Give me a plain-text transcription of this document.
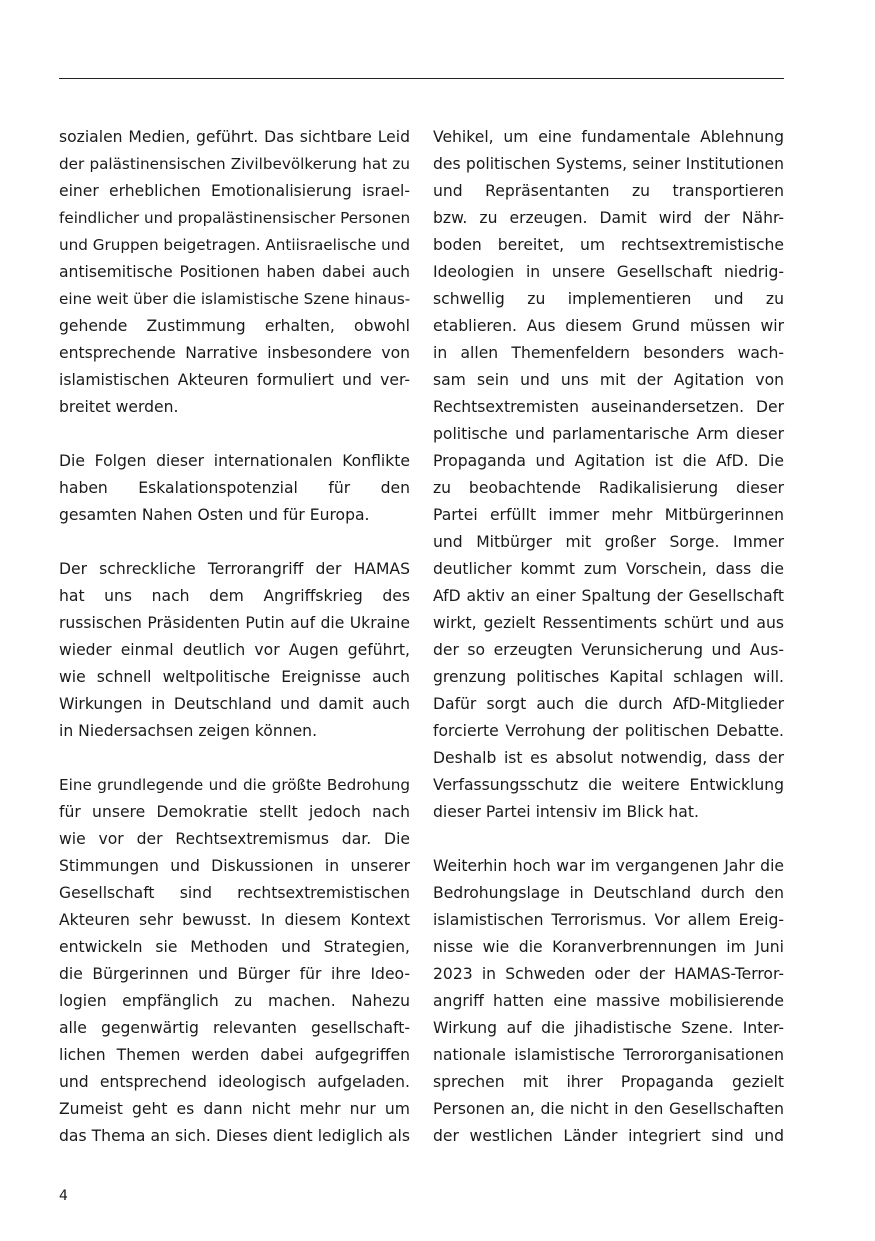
sozialen Medien, geführt. Das sichtbare Leid
der palästinensischen Zivilbevölkerung hat zu
einer erheblichen Emotionalisierung israel-
feindlicher und propalästinensischer Personen
und Gruppen beigetragen. Antiisraelische und
antisemitische Positionen haben dabei auch
eine weit über die islamistische Szene hinaus-
gehende Zustimmung erhalten, obwohl
entsprechende Narrative insbesondere von
islamistischen Akteuren formuliert und ver-
breitet werden.
Die Folgen dieser internationalen Konflikte
haben Eskalationspotenzial für den
gesamten Nahen Osten und für Europa.
Der schreckliche Terrorangriff der HAMAS
hat uns nach dem Angriffskrieg des
russischen Präsidenten Putin auf die Ukraine
wieder einmal deutlich vor Augen geführt,
wie schnell weltpolitische Ereignisse auch
Wirkungen in Deutschland und damit auch
in Niedersachsen zeigen können.
Eine grundlegende und die größte Bedrohung
für unsere Demokratie stellt jedoch nach
wie vor der Rechtsextremismus dar. Die
Stimmungen und Diskussionen in unserer
Gesellschaft sind rechtsextremistischen
Akteuren sehr bewusst. In diesem Kontext
entwickeln sie Methoden und Strategien,
die Bürgerinnen und Bürger für ihre Ideo-
logien empfänglich zu machen. Nahezu
alle gegenwärtig relevanten gesellschaft-
lichen Themen werden dabei aufgegriffen
und entsprechend ideologisch aufgeladen.
Zumeist geht es dann nicht mehr nur um
das Thema an sich. Dieses dient lediglich als
Vehikel, um eine fundamentale Ablehnung
des politischen Systems, seiner Institutionen
und Repräsentanten zu transportieren
bzw. zu erzeugen. Damit wird der Nähr-
boden bereitet, um rechtsextremistische
Ideologien in unsere Gesellschaft niedrig-
schwellig zu implementieren und zu
etablieren. Aus diesem Grund müssen wir
in allen Themenfeldern besonders wach-
sam sein und uns mit der Agitation von
Rechtsextremisten auseinandersetzen. Der
politische und parlamentarische Arm dieser
Propaganda und Agitation ist die AfD. Die
zu beobachtende Radikalisierung dieser
Partei erfüllt immer mehr Mitbürgerinnen
und Mitbürger mit großer Sorge. Immer
deutlicher kommt zum Vorschein, dass die
AfD aktiv an einer Spaltung der Gesellschaft
wirkt, gezielt Ressentiments schürt und aus
der so erzeugten Verunsicherung und Aus-
grenzung politisches Kapital schlagen will.
Dafür sorgt auch die durch AfD-Mitglieder
forcierte Verrohung der politischen Debatte.
Deshalb ist es absolut notwendig, dass der
Verfassungsschutz die weitere Entwicklung
dieser Partei intensiv im Blick hat.
Weiterhin hoch war im vergangenen Jahr die
Bedrohungslage in Deutschland durch den
islamistischen Terrorismus. Vor allem Ereig-
nisse wie die Koranverbrennungen im Juni
2023 in Schweden oder der HAMAS-Terror-
angriff hatten eine massive mobilisierende
Wirkung auf die jihadistische Szene. Inter-
nationale islamistische Terrororganisationen
sprechen mit ihrer Propaganda gezielt
Personen an, die nicht in den Gesellschaften
der westlichen Länder integriert sind und
4
